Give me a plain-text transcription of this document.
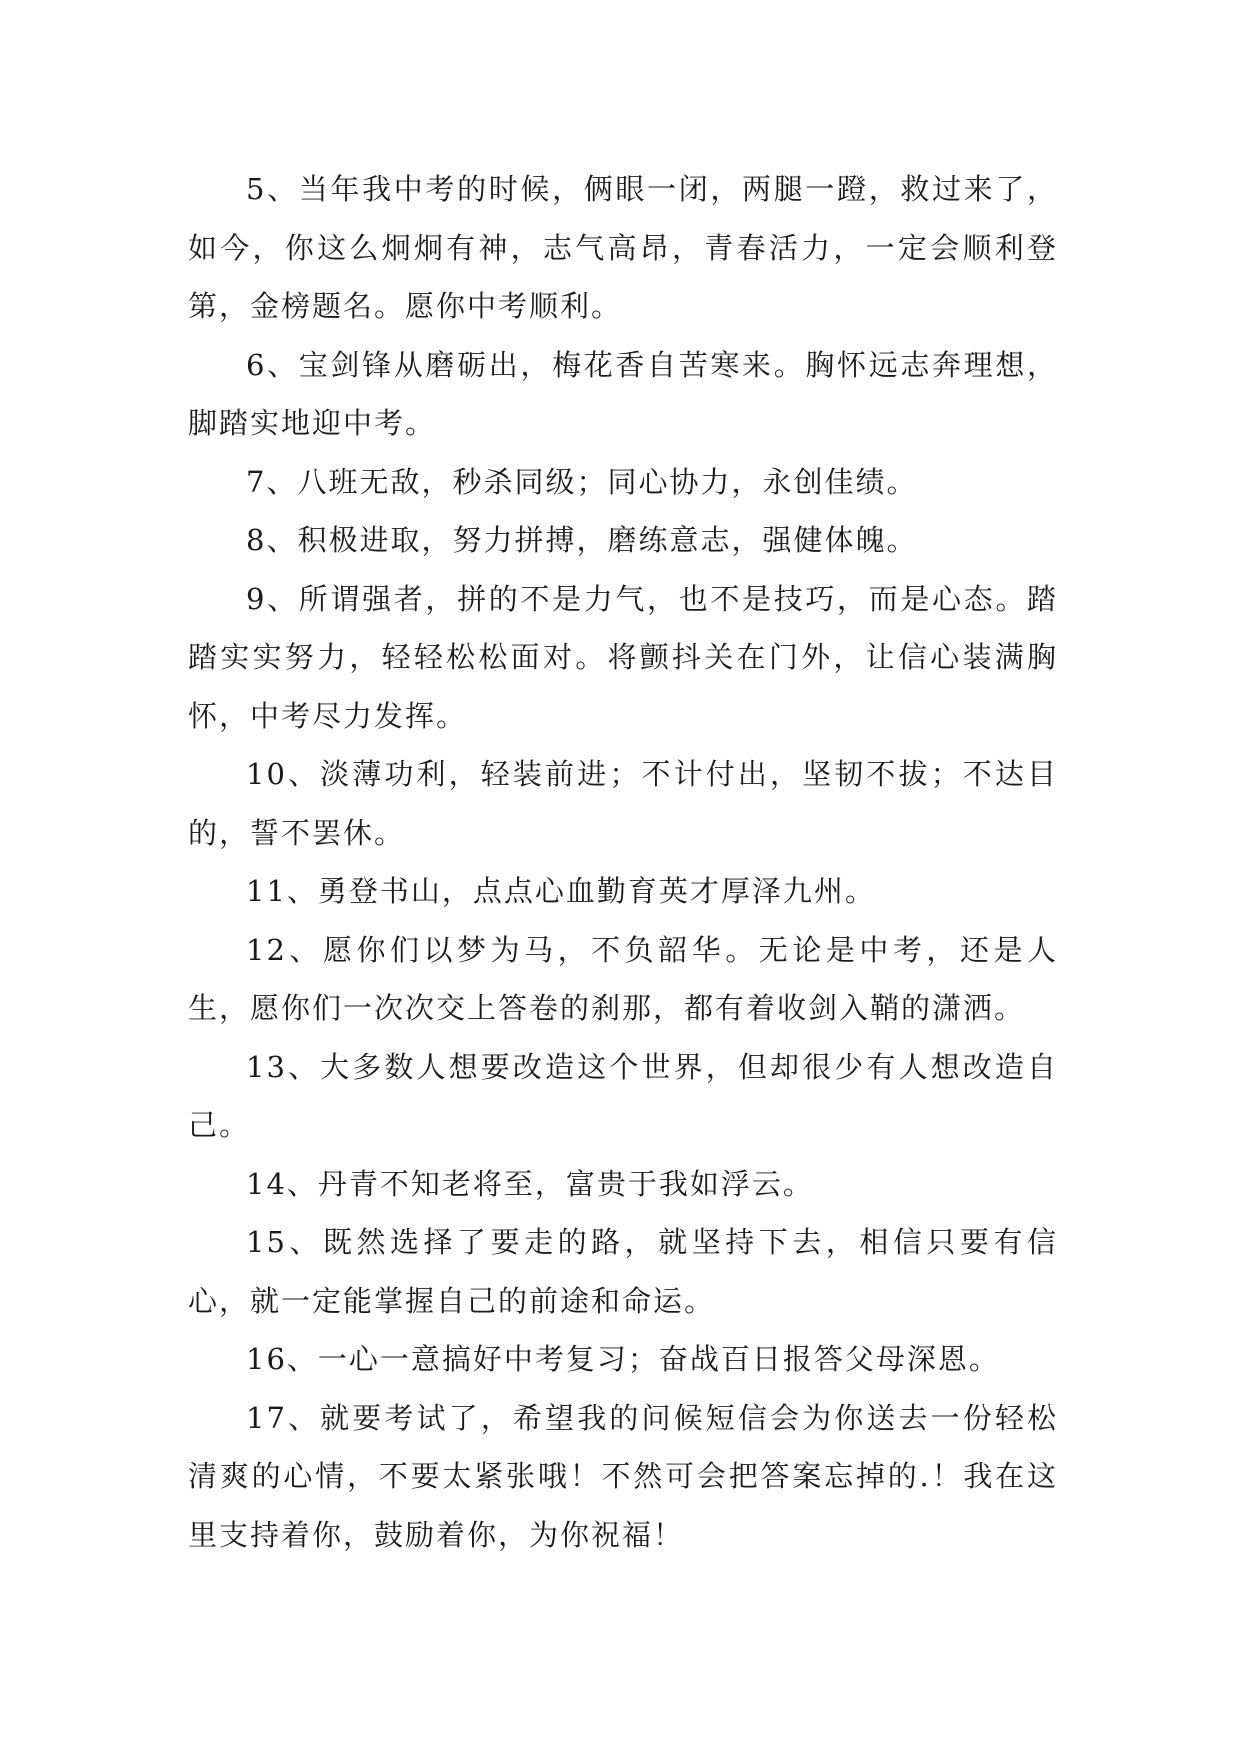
5、当年我中考的时候，俩眼一闭，两腿一蹬，救过来了，如今，你这么炯炯有神，志气高昂，青春活力，一定会顺利登第，金榜题名。愿你中考顺利。

6、宝剑锋从磨砺出，梅花香自苦寒来。胸怀远志奔理想，脚踏实地迎中考。

7、八班无敌，秒杀同级；同心协力，永创佳绩。

8、积极进取，努力拼搏，磨练意志，强健体魄。

9、所谓强者，拼的不是力气，也不是技巧，而是心态。踏踏实实努力，轻轻松松面对。将颤抖关在门外，让信心装满胸怀，中考尽力发挥。

10、淡薄功利，轻装前进；不计付出，坚韧不拔；不达目的，誓不罢休。

11、勇登书山，点点心血勤育英才厚泽九州。

12、愿你们以梦为马，不负韶华。无论是中考，还是人生，愿你们一次次交上答卷的刹那，都有着收剑入鞘的潇洒。

13、大多数人想要改造这个世界，但却很少有人想改造自己。

14、丹青不知老将至，富贵于我如浮云。

15、既然选择了要走的路，就坚持下去，相信只要有信心，就一定能掌握自己的前途和命运。

16、一心一意搞好中考复习；奋战百日报答父母深恩。

17、就要考试了，希望我的问候短信会为你送去一份轻松清爽的心情，不要太紧张哦！不然可会把答案忘掉的.！我在这里支持着你，鼓励着你，为你祝福！
